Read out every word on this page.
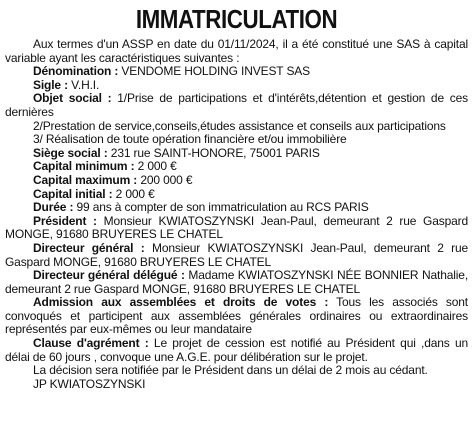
IMMATRICULATION

Aux termes d'un ASSP en date du 01/11/2024, il a été constitué une SAS à capital variable ayant les caractéristiques suivantes :

Dénomination : VENDOME HOLDING INVEST SAS

Sigle : V.H.I.

Objet social : 1/Prise de participations et d'intérêts,détention et gestion de ces dernières

2/Prestation de service,conseils,études assistance et conseils aux participations

3/ Réalisation de toute opération financière et/ou immobilière

Siège social : 231 rue SAINT-HONORE, 75001 PARIS

Capital minimum : 2 000 €

Capital maximum : 200 000 €

Capital initial : 2 000 €

Durée : 99 ans à compter de son immatriculation au RCS PARIS

Président : Monsieur KWIATOSZYNSKI Jean-Paul, demeurant 2 rue Gaspard MONGE, 91680 BRUYERES LE CHATEL

Directeur général : Monsieur KWIATOSZYNSKI Jean-Paul, demeurant 2 rue Gaspard MONGE, 91680 BRUYERES LE CHATEL

Directeur général délégué : Madame KWIATOSZYNSKI NÉE BONNIER Nathalie, demeurant 2 rue Gaspard MONGE, 91680 BRUYERES LE CHATEL

Admission aux assemblées et droits de votes : Tous les associés sont convoqués et participent aux assemblées générales ordinaires ou extraordinaires représentés par eux-mêmes ou leur mandataire

Clause d'agrément : Le projet de cession est notifié au Président qui ,dans un délai de 60 jours , convoque une A.G.E. pour délibération sur le projet.

La décision sera notifiée par le Président dans un délai de 2 mois au cédant.

JP KWIATOSZYNSKI
